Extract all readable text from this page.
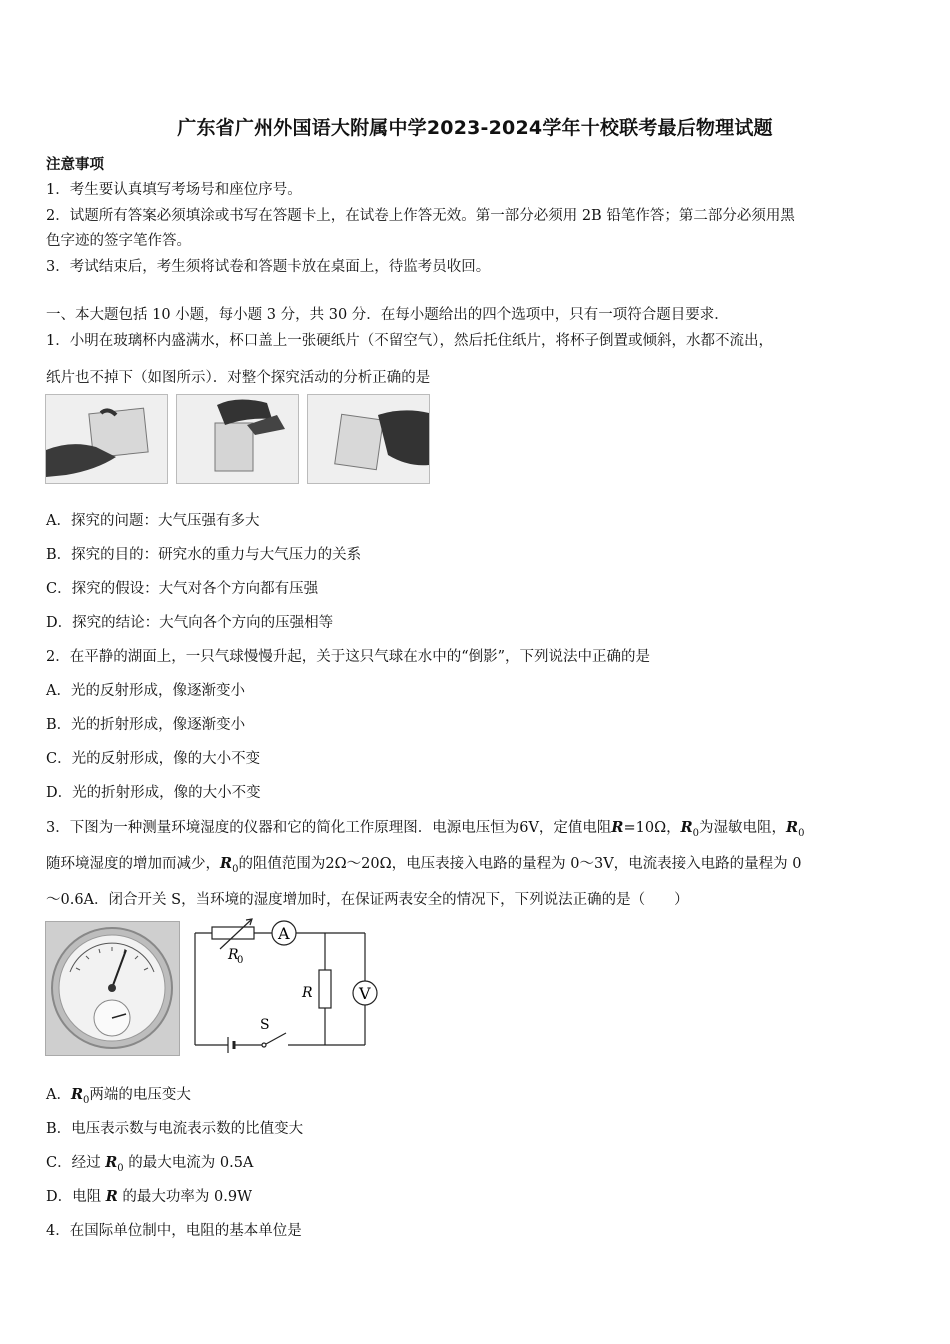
广东省广州外国语大附属中学2023-2024学年十校联考最后物理试题
注意事项
1．考生要认真填写考场号和座位序号。
2．试题所有答案必须填涂或书写在答题卡上，在试卷上作答无效。第一部分必须用 2B 铅笔作答；第二部分必须用黑
色字迹的签字笔作答。
3．考试结束后，考生须将试卷和答题卡放在桌面上，待监考员收回。
一、本大题包括 10 小题，每小题 3 分，共 30 分．在每小题给出的四个选项中，只有一项符合题目要求．
1．小明在玻璃杯内盛满水，杯口盖上一张硬纸片（不留空气），然后托住纸片，将杯子倒置或倾斜，水都不流出，
纸片也不掉下（如图所示）．对整个探究活动的分析正确的是
A．探究的问题：大气压强有多大
B．探究的目的：研究水的重力与大气压力的关系
C．探究的假设：大气对各个方向都有压强
D．探究的结论：大气向各个方向的压强相等
2．在平静的湖面上，一只气球慢慢升起，关于这只气球在水中的“倒影”，下列说法中正确的是
A．光的反射形成，像逐渐变小
B．光的折射形成，像逐渐变小
C．光的反射形成，像的大小不变
D．光的折射形成，像的大小不变
3．下图为一种测量环境湿度的仪器和它的简化工作原理图．电源电压恒为6V，定值电阻R=10Ω，$R_0$为湿敏电阻，$R_0$
随环境湿度的增加而减少，$R_0$的阻值范围为2Ω～20Ω，电压表接入电路的量程为 0～3V，电流表接入电路的量程为 0
～0.6A．闭合开关 S，当环境的湿度增加时，在保证两表安全的情况下，下列说法正确的是（　　）
A
V
R
0
R
S
A．$R_0$两端的电压变大
B．电压表示数与电流表示数的比值变大
C．经过 $R_0$ 的最大电流为 0.5A
D．电阻 R 的最大功率为 0.9W
4．在国际单位制中，电阻的基本单位是
